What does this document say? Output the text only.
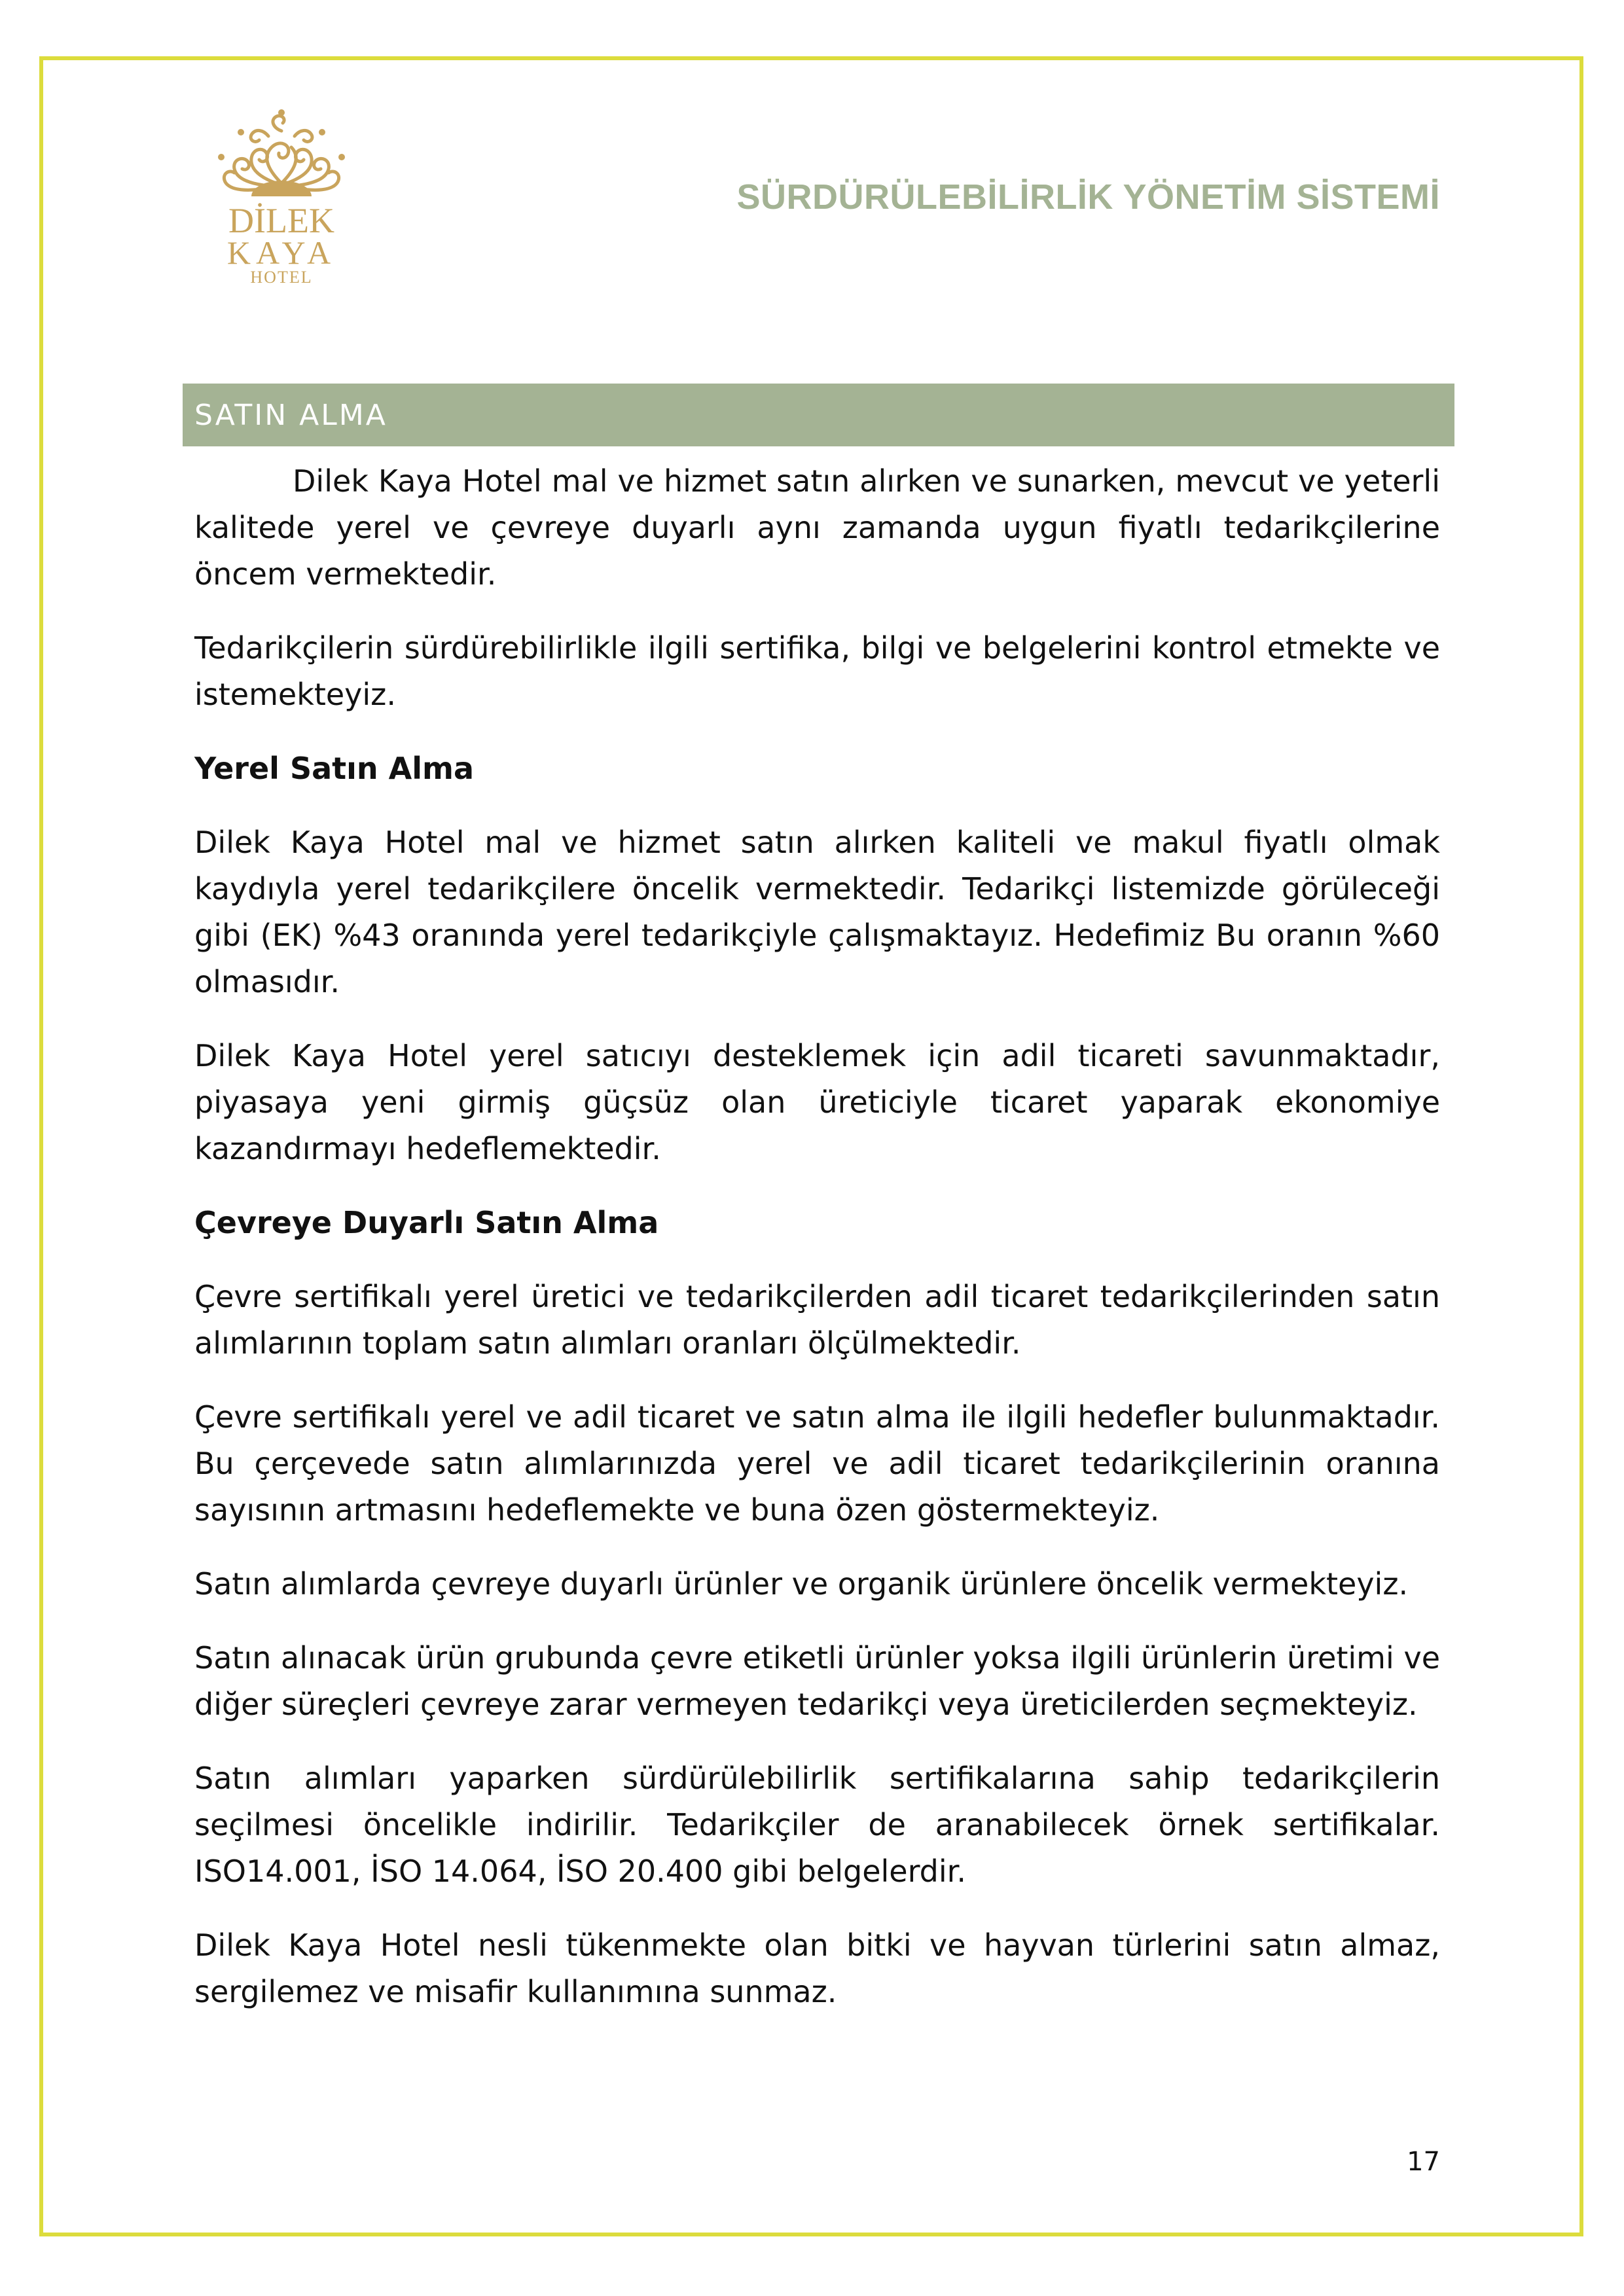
DİLEK
KAYA
HOTEL
SÜRDÜRÜLEBİLİRLİK YÖNETİM SİSTEMİ
SATIN ALMA

Dilek Kaya Hotel mal ve hizmet satın alırken ve sunarken, mevcut ve yeterli kalitede yerel ve çevreye duyarlı aynı zamanda uygun fiyatlı tedarikçilerine öncem vermektedir.

Tedarikçilerin sürdürebilirlikle ilgili sertifika, bilgi ve belgelerini kontrol etmekte ve istemekteyiz.

Yerel Satın Alma

Dilek Kaya Hotel mal ve hizmet satın alırken kaliteli ve makul fiyatlı olmak kaydıyla yerel tedarikçilere öncelik vermektedir. Tedarikçi listemizde görüleceği gibi (EK) %43 oranında yerel tedarikçiyle çalışmaktayız. Hedefimiz Bu oranın %60 olmasıdır.

Dilek Kaya Hotel yerel satıcıyı desteklemek için adil ticareti savunmaktadır, piyasaya yeni girmiş güçsüz olan üreticiyle ticaret yaparak ekonomiye kazandırmayı hedeflemektedir.

Çevreye Duyarlı Satın Alma

Çevre sertifikalı yerel üretici ve tedarikçilerden adil ticaret tedarikçilerinden satın alımlarının toplam satın alımları oranları ölçülmektedir.

Çevre sertifikalı yerel ve adil ticaret ve satın alma ile ilgili hedefler bulunmaktadır. Bu çerçevede satın alımlarınızda yerel ve adil ticaret tedarikçilerinin oranına sayısının artmasını hedeflemekte ve buna özen göstermekteyiz.

Satın alımlarda çevreye duyarlı ürünler ve organik ürünlere öncelik vermekteyiz.

Satın alınacak ürün grubunda çevre etiketli ürünler yoksa ilgili ürünlerin üretimi ve diğer süreçleri çevreye zarar vermeyen tedarikçi veya üreticilerden seçmekteyiz.

Satın alımları yaparken sürdürülebilirlik sertifikalarına sahip tedarikçilerin seçilmesi öncelikle indirilir. Tedarikçiler de aranabilecek örnek sertifikalar. ISO14.001, İSO 14.064, İSO 20.400 gibi belgelerdir.

Dilek Kaya Hotel nesli tükenmekte olan bitki ve hayvan türlerini satın almaz, sergilemez ve misafir kullanımına sunmaz.

17
